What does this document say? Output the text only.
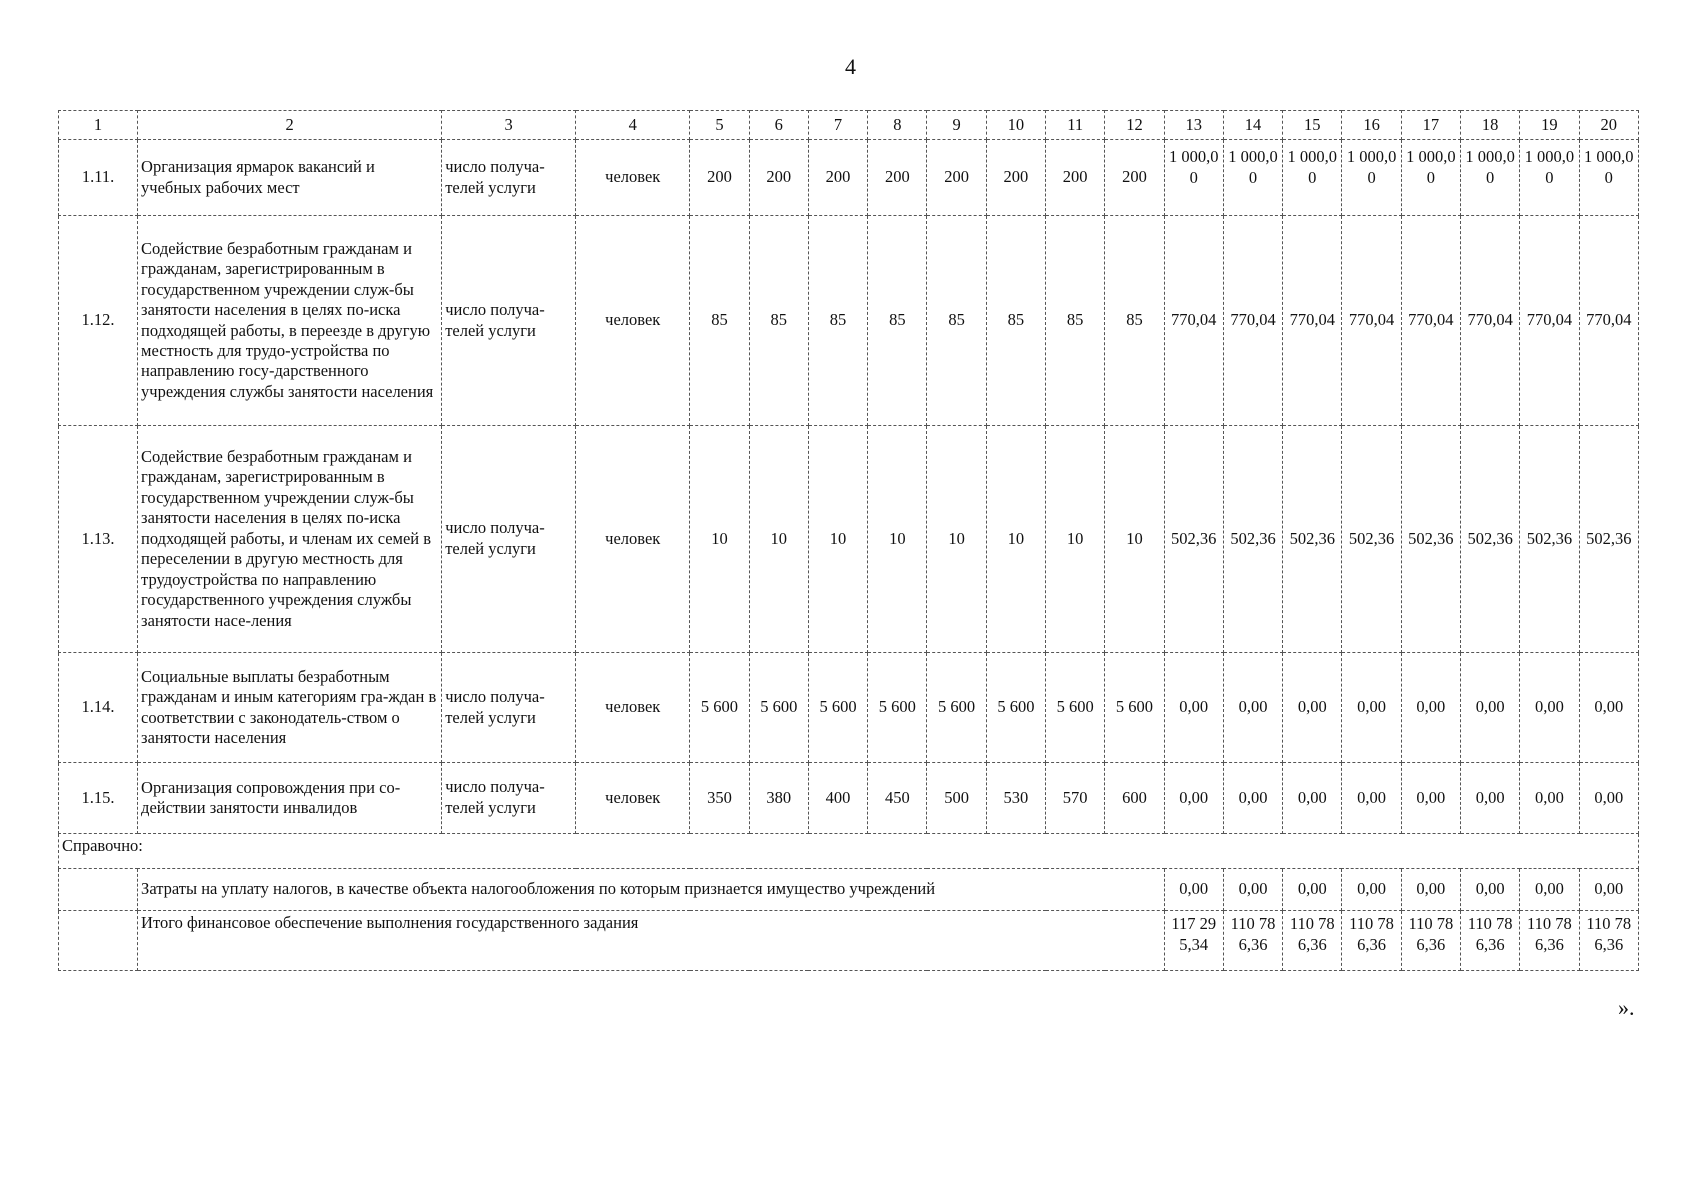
4
1	2	3	4	5	6	7	8	9	10	11	12	13	14	15	16	17	18	19	20
1.11.	Организация ярмарок вакансий и учебных рабочих мест	число получа-телей услуги	человек	200	200	200	200	200	200	200	200	1 000,00	1 000,00	1 000,00	1 000,00	1 000,00	1 000,00	1 000,00	1 000,00
1.12.	Содействие безработным гражданам и гражданам, зарегистрированным в государственном учреждении служ-бы занятости населения в целях по-иска подходящей работы, в переезде в другую местность для трудо-устройства по направлению госу-дарственного учреждения службы занятости населения	число получа-телей услуги	человек	85	85	85	85	85	85	85	85	770,04	770,04	770,04	770,04	770,04	770,04	770,04	770,04
1.13.	Содействие безработным гражданам и гражданам, зарегистрированным в государственном учреждении служ-бы занятости населения в целях по-иска подходящей работы, и членам их семей в переселении в другую местность для трудоустройства по направлению государственного учреждения службы занятости насе-ления	число получа-телей услуги	человек	10	10	10	10	10	10	10	10	502,36	502,36	502,36	502,36	502,36	502,36	502,36	502,36
1.14.	Социальные выплаты безработным гражданам и иным категориям гра-ждан в соответствии с законодатель-ством о занятости населения	число получа-телей услуги	человек	5 600	5 600	5 600	5 600	5 600	5 600	5 600	5 600	0,00	0,00	0,00	0,00	0,00	0,00	0,00	0,00
1.15.	Организация сопровождения при со-действии занятости инвалидов	число получа-телей услуги	человек	350	380	400	450	500	530	570	600	0,00	0,00	0,00	0,00	0,00	0,00	0,00	0,00
Справочно:																			
	Затраты на уплату налогов, в качестве объекта налогообложения по которым признается имущество учреждений											0,00	0,00	0,00	0,00	0,00	0,00	0,00	0,00
	Итого финансовое обеспечение выполнения государственного задания											117 295,34	110 786,36	110 786,36	110 786,36	110 786,36	110 786,36	110 786,36	110 786,36
».
